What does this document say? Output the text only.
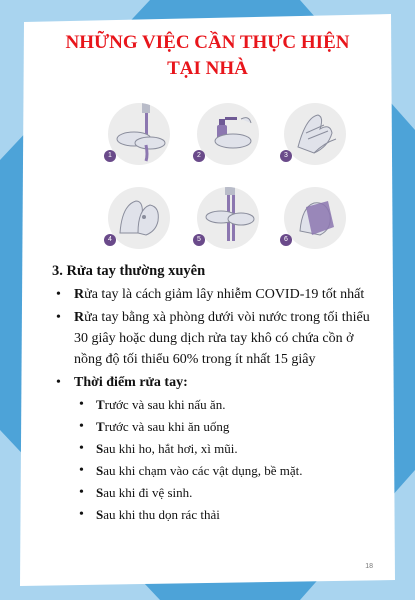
NHỮNG VIỆC CẦN THỰC HIỆN
TẠI NHÀ
1	2	3
4	5	6
3. Rửa tay thường xuyên
• Rửa tay là cách giảm lây nhiễm COVID-19 tốt nhất
• Rửa tay bằng xà phòng dưới vòi nước trong tối thiểu 30 giây hoặc dung dịch rửa tay khô có chứa cồn ở nồng độ tối thiểu 60% trong ít nhất 15 giây
• Thời điểm rửa tay:
• Trước và sau khi nấu ăn.
• Trước và sau khi ăn uống
• Sau khi ho, hắt hơi, xì mũi.
• Sau khi chạm vào các vật dụng, bề mặt.
• Sau khi đi vệ sinh.
• Sau khi thu dọn rác thải
18
